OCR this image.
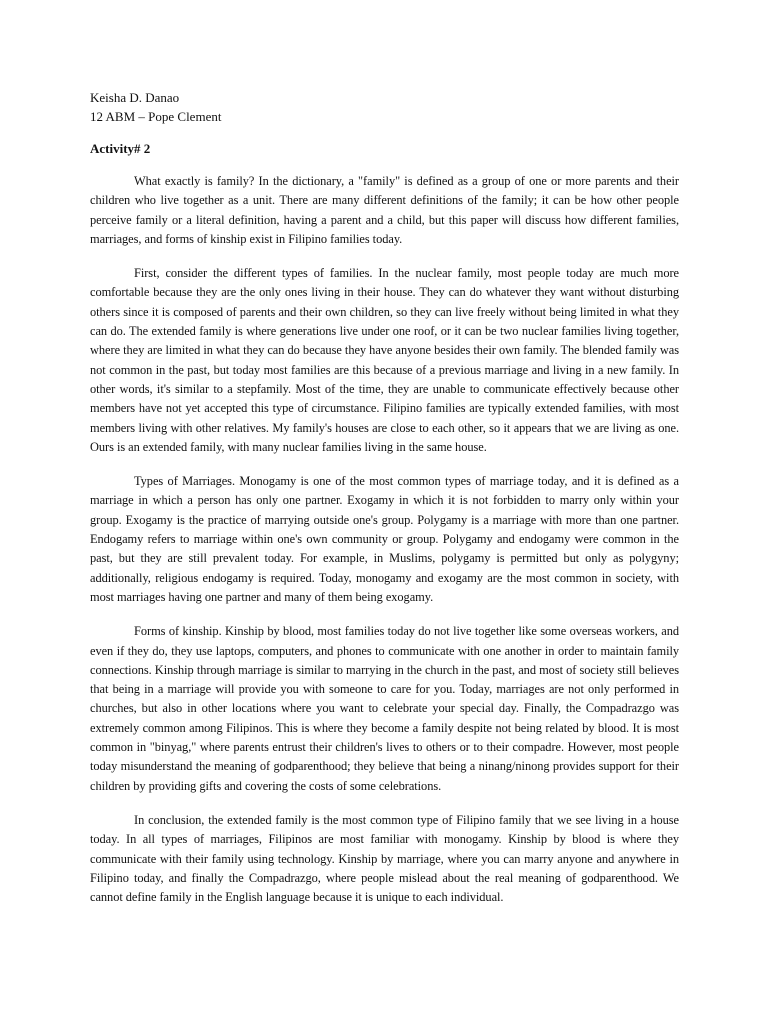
Keisha D. Danao

12 ABM – Pope Clement

Activity# 2

What exactly is family? In the dictionary, a "family" is defined as a group of one or more parents and their children who live together as a unit. There are many different definitions of the family; it can be how other people perceive family or a literal definition, having a parent and a child, but this paper will discuss how different families, marriages, and forms of kinship exist in Filipino families today.

First, consider the different types of families. In the nuclear family, most people today are much more comfortable because they are the only ones living in their house. They can do whatever they want without disturbing others since it is composed of parents and their own children, so they can live freely without being limited in what they can do. The extended family is where generations live under one roof, or it can be two nuclear families living together, where they are limited in what they can do because they have anyone besides their own family. The blended family was not common in the past, but today most families are this because of a previous marriage and living in a new family. In other words, it's similar to a stepfamily. Most of the time, they are unable to communicate effectively because other members have not yet accepted this type of circumstance. Filipino families are typically extended families, with most members living with other relatives. My family's houses are close to each other, so it appears that we are living as one. Ours is an extended family, with many nuclear families living in the same house.

Types of Marriages. Monogamy is one of the most common types of marriage today, and it is defined as a marriage in which a person has only one partner. Exogamy in which it is not forbidden to marry only within your group. Exogamy is the practice of marrying outside one's group. Polygamy is a marriage with more than one partner. Endogamy refers to marriage within one's own community or group. Polygamy and endogamy were common in the past, but they are still prevalent today. For example, in Muslims, polygamy is permitted but only as polygyny; additionally, religious endogamy is required. Today, monogamy and exogamy are the most common in society, with most marriages having one partner and many of them being exogamy.

Forms of kinship. Kinship by blood, most families today do not live together like some overseas workers, and even if they do, they use laptops, computers, and phones to communicate with one another in order to maintain family connections. Kinship through marriage is similar to marrying in the church in the past, and most of society still believes that being in a marriage will provide you with someone to care for you. Today, marriages are not only performed in churches, but also in other locations where you want to celebrate your special day. Finally, the Compadrazgo was extremely common among Filipinos. This is where they become a family despite not being related by blood. It is most common in "binyag," where parents entrust their children's lives to others or to their compadre. However, most people today misunderstand the meaning of godparenthood; they believe that being a ninang/ninong provides support for their children by providing gifts and covering the costs of some celebrations.

In conclusion, the extended family is the most common type of Filipino family that we see living in a house today. In all types of marriages, Filipinos are most familiar with monogamy. Kinship by blood is where they communicate with their family using technology. Kinship by marriage, where you can marry anyone and anywhere in Filipino today, and finally the Compadrazgo, where people mislead about the real meaning of godparenthood. We cannot define family in the English language because it is unique to each individual.
